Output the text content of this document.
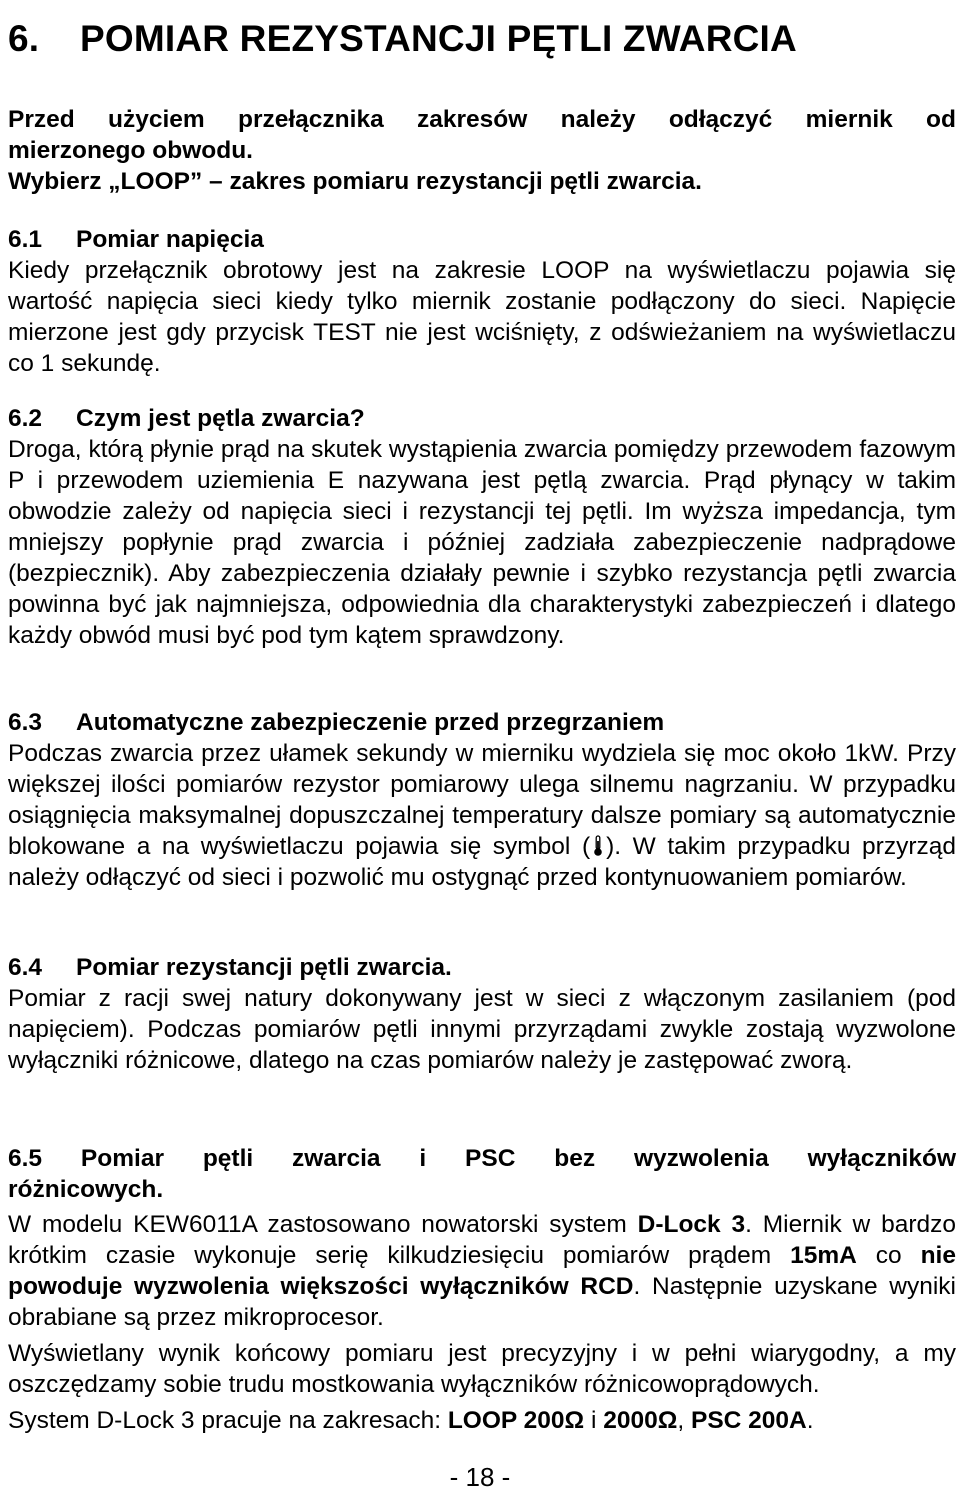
6. POMIAR REZYSTANCJI PĘTLI ZWARCIA
Przed użyciem przełącznika zakresów należy odłączyć miernik od
mierzonego obwodu.
Wybierz „LOOP” – zakres pomiaru rezystancji pętli zwarcia.
6.1 Pomiar napięcia
Kiedy przełącznik obrotowy jest na zakresie LOOP na wyświetlaczu pojawia się wartość napięcia sieci kiedy tylko miernik zostanie podłączony do sieci. Napięcie mierzone jest gdy przycisk TEST nie jest wciśnięty, z odświeżaniem na wyświetlaczu co 1 sekundę.
6.2 Czym jest pętla zwarcia?
Droga, którą płynie prąd na skutek wystąpienia zwarcia pomiędzy przewodem fazowym P i przewodem uziemienia E nazywana jest pętlą zwarcia. Prąd płynący w takim obwodzie zależy od napięcia sieci i rezystancji tej pętli. Im wyższa impedancja, tym mniejszy popłynie prąd zwarcia i później zadziała zabezpieczenie nadprądowe (bezpiecznik). Aby zabezpieczenia działały pewnie i szybko rezystancja pętli zwarcia powinna być jak najmniejsza, odpowiednia dla charakterystyki zabezpieczeń i dlatego każdy obwód musi być pod tym kątem sprawdzony.
6.3 Automatyczne zabezpieczenie przed przegrzaniem
Podczas zwarcia przez ułamek sekundy w mierniku wydziela się moc około 1kW. Przy większej ilości pomiarów rezystor pomiarowy ulega silnemu nagrzaniu. W przypadku osiągnięcia maksymalnej dopuszczalnej temperatury dalsze pomiary są automatycznie blokowane a na wyświetlaczu pojawia się symbol ( ). W takim przypadku przyrząd należy odłączyć od sieci i pozwolić mu ostygnąć przed kontynuowaniem pomiarów.
6.4 Pomiar rezystancji pętli zwarcia.
Pomiar z racji swej natury dokonywany jest w sieci z włączonym zasilaniem (pod napięciem). Podczas pomiarów pętli innymi przyrządami zwykle zostają wyzwolone wyłączniki różnicowe, dlatego na czas pomiarów należy je zastępować zworą.
6.5 Pomiar pętli zwarcia i PSC bez wyzwolenia wyłączników
różnicowych.
W modelu KEW6011A zastosowano nowatorski system D-Lock 3. Miernik w bardzo krótkim czasie wykonuje serię kilkudziesięciu pomiarów prądem 15mA co nie powoduje wyzwolenia większości wyłączników RCD. Następnie uzyskane wyniki obrabiane są przez mikroprocesor.
Wyświetlany wynik końcowy pomiaru jest precyzyjny i w pełni wiarygodny, a my oszczędzamy sobie trudu mostkowania wyłączników różnicowoprądowych.
System D-Lock 3 pracuje na zakresach: LOOP 200Ω i 2000Ω, PSC 200A.
- 18 -
